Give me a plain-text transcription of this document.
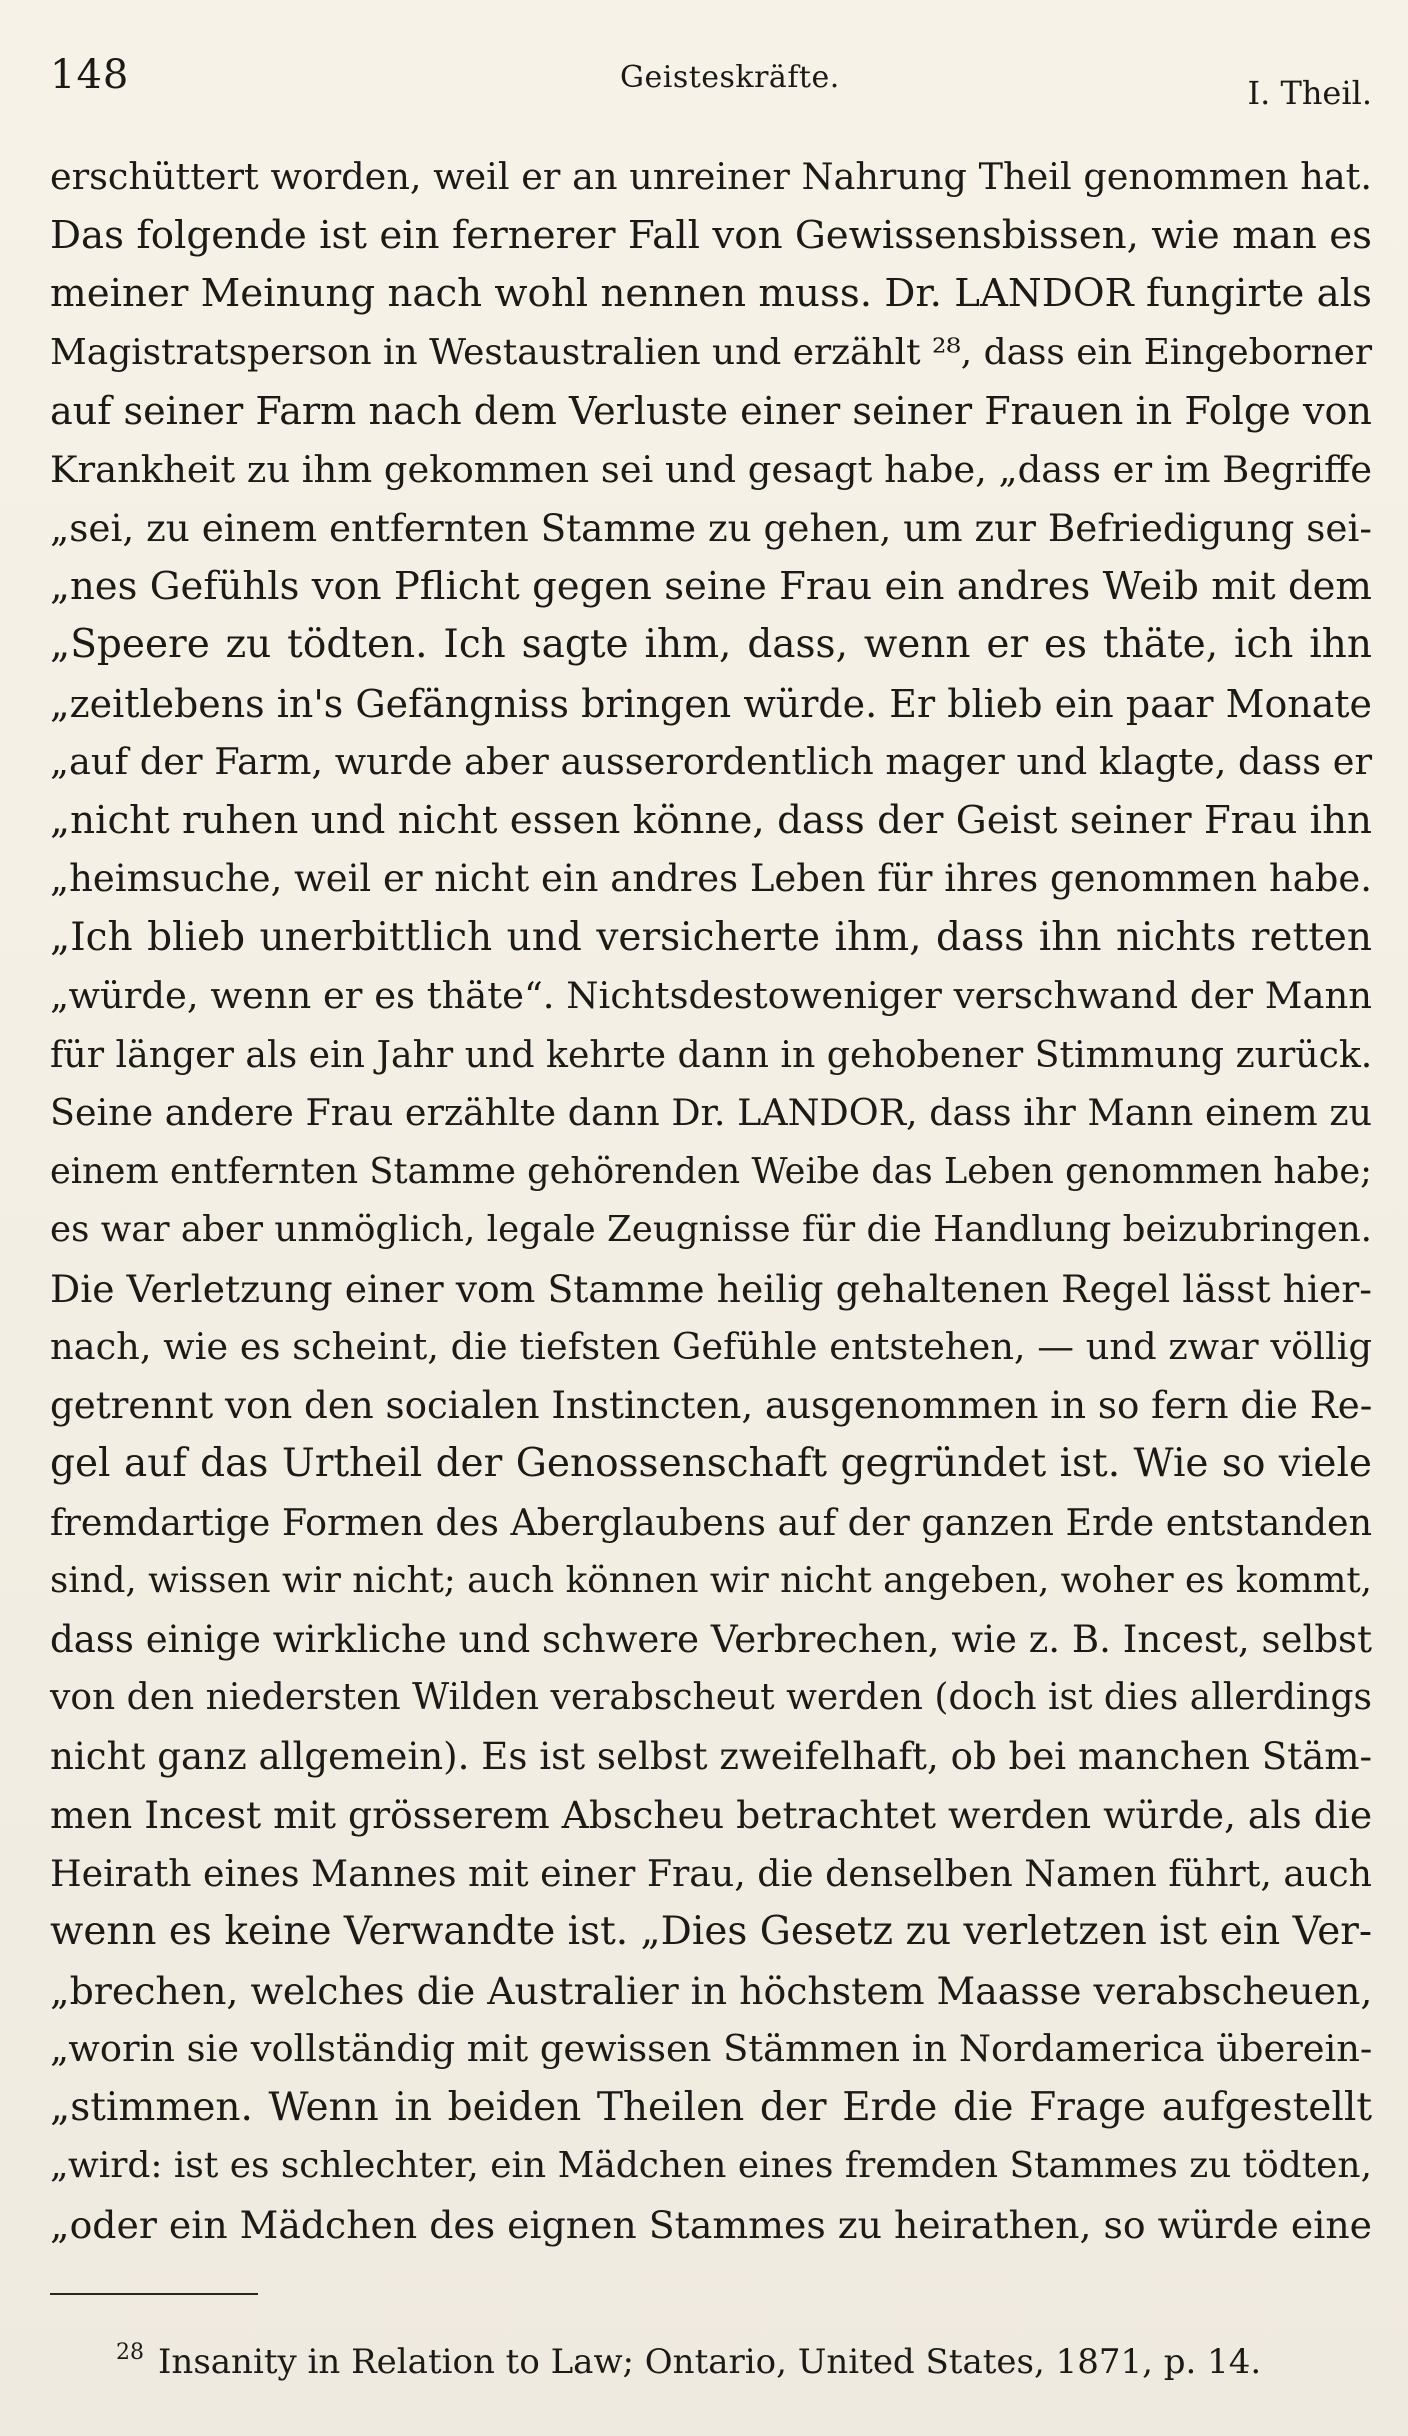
148	Geisteskräfte.	I. Theil.
erschüttert worden, weil er an unreiner Nahrung Theil genommen hat.
Das folgende ist ein fernerer Fall von Gewissensbissen, wie man es
meiner Meinung nach wohl nennen muss. Dr. LANDOR fungirte als
Magistratsperson in Westaustralien und erzählt ²⁸, dass ein Eingeborner
auf seiner Farm nach dem Verluste einer seiner Frauen in Folge von
Krankheit zu ihm gekommen sei und gesagt habe, „dass er im Begriffe
„sei, zu einem entfernten Stamme zu gehen, um zur Befriedigung sei-
„nes Gefühls von Pflicht gegen seine Frau ein andres Weib mit dem
„Speere zu tödten. Ich sagte ihm, dass, wenn er es thäte, ich ihn
„zeitlebens in's Gefängniss bringen würde. Er blieb ein paar Monate
„auf der Farm, wurde aber ausserordentlich mager und klagte, dass er
„nicht ruhen und nicht essen könne, dass der Geist seiner Frau ihn
„heimsuche, weil er nicht ein andres Leben für ihres genommen habe.
„Ich blieb unerbittlich und versicherte ihm, dass ihn nichts retten
„würde, wenn er es thäte“. Nichtsdestoweniger verschwand der Mann
für länger als ein Jahr und kehrte dann in gehobener Stimmung zurück.
Seine andere Frau erzählte dann Dr. LANDOR, dass ihr Mann einem zu
einem entfernten Stamme gehörenden Weibe das Leben genommen habe;
es war aber unmöglich, legale Zeugnisse für die Handlung beizubringen.
Die Verletzung einer vom Stamme heilig gehaltenen Regel lässt hier-
nach, wie es scheint, die tiefsten Gefühle entstehen, — und zwar völlig
getrennt von den socialen Instincten, ausgenommen in so fern die Re-
gel auf das Urtheil der Genossenschaft gegründet ist. Wie so viele
fremdartige Formen des Aberglaubens auf der ganzen Erde entstanden
sind, wissen wir nicht; auch können wir nicht angeben, woher es kommt,
dass einige wirkliche und schwere Verbrechen, wie z. B. Incest, selbst
von den niedersten Wilden verabscheut werden (doch ist dies allerdings
nicht ganz allgemein). Es ist selbst zweifelhaft, ob bei manchen Stäm-
men Incest mit grösserem Abscheu betrachtet werden würde, als die
Heirath eines Mannes mit einer Frau, die denselben Namen führt, auch
wenn es keine Verwandte ist. „Dies Gesetz zu verletzen ist ein Ver-
„brechen, welches die Australier in höchstem Maasse verabscheuen,
„worin sie vollständig mit gewissen Stämmen in Nordamerica überein-
„stimmen. Wenn in beiden Theilen der Erde die Frage aufgestellt
„wird: ist es schlechter, ein Mädchen eines fremden Stammes zu tödten,
„oder ein Mädchen des eignen Stammes zu heirathen, so würde eine
$^{28}$ Insanity in Relation to Law; Ontario, United States, 1871, p. 14.
